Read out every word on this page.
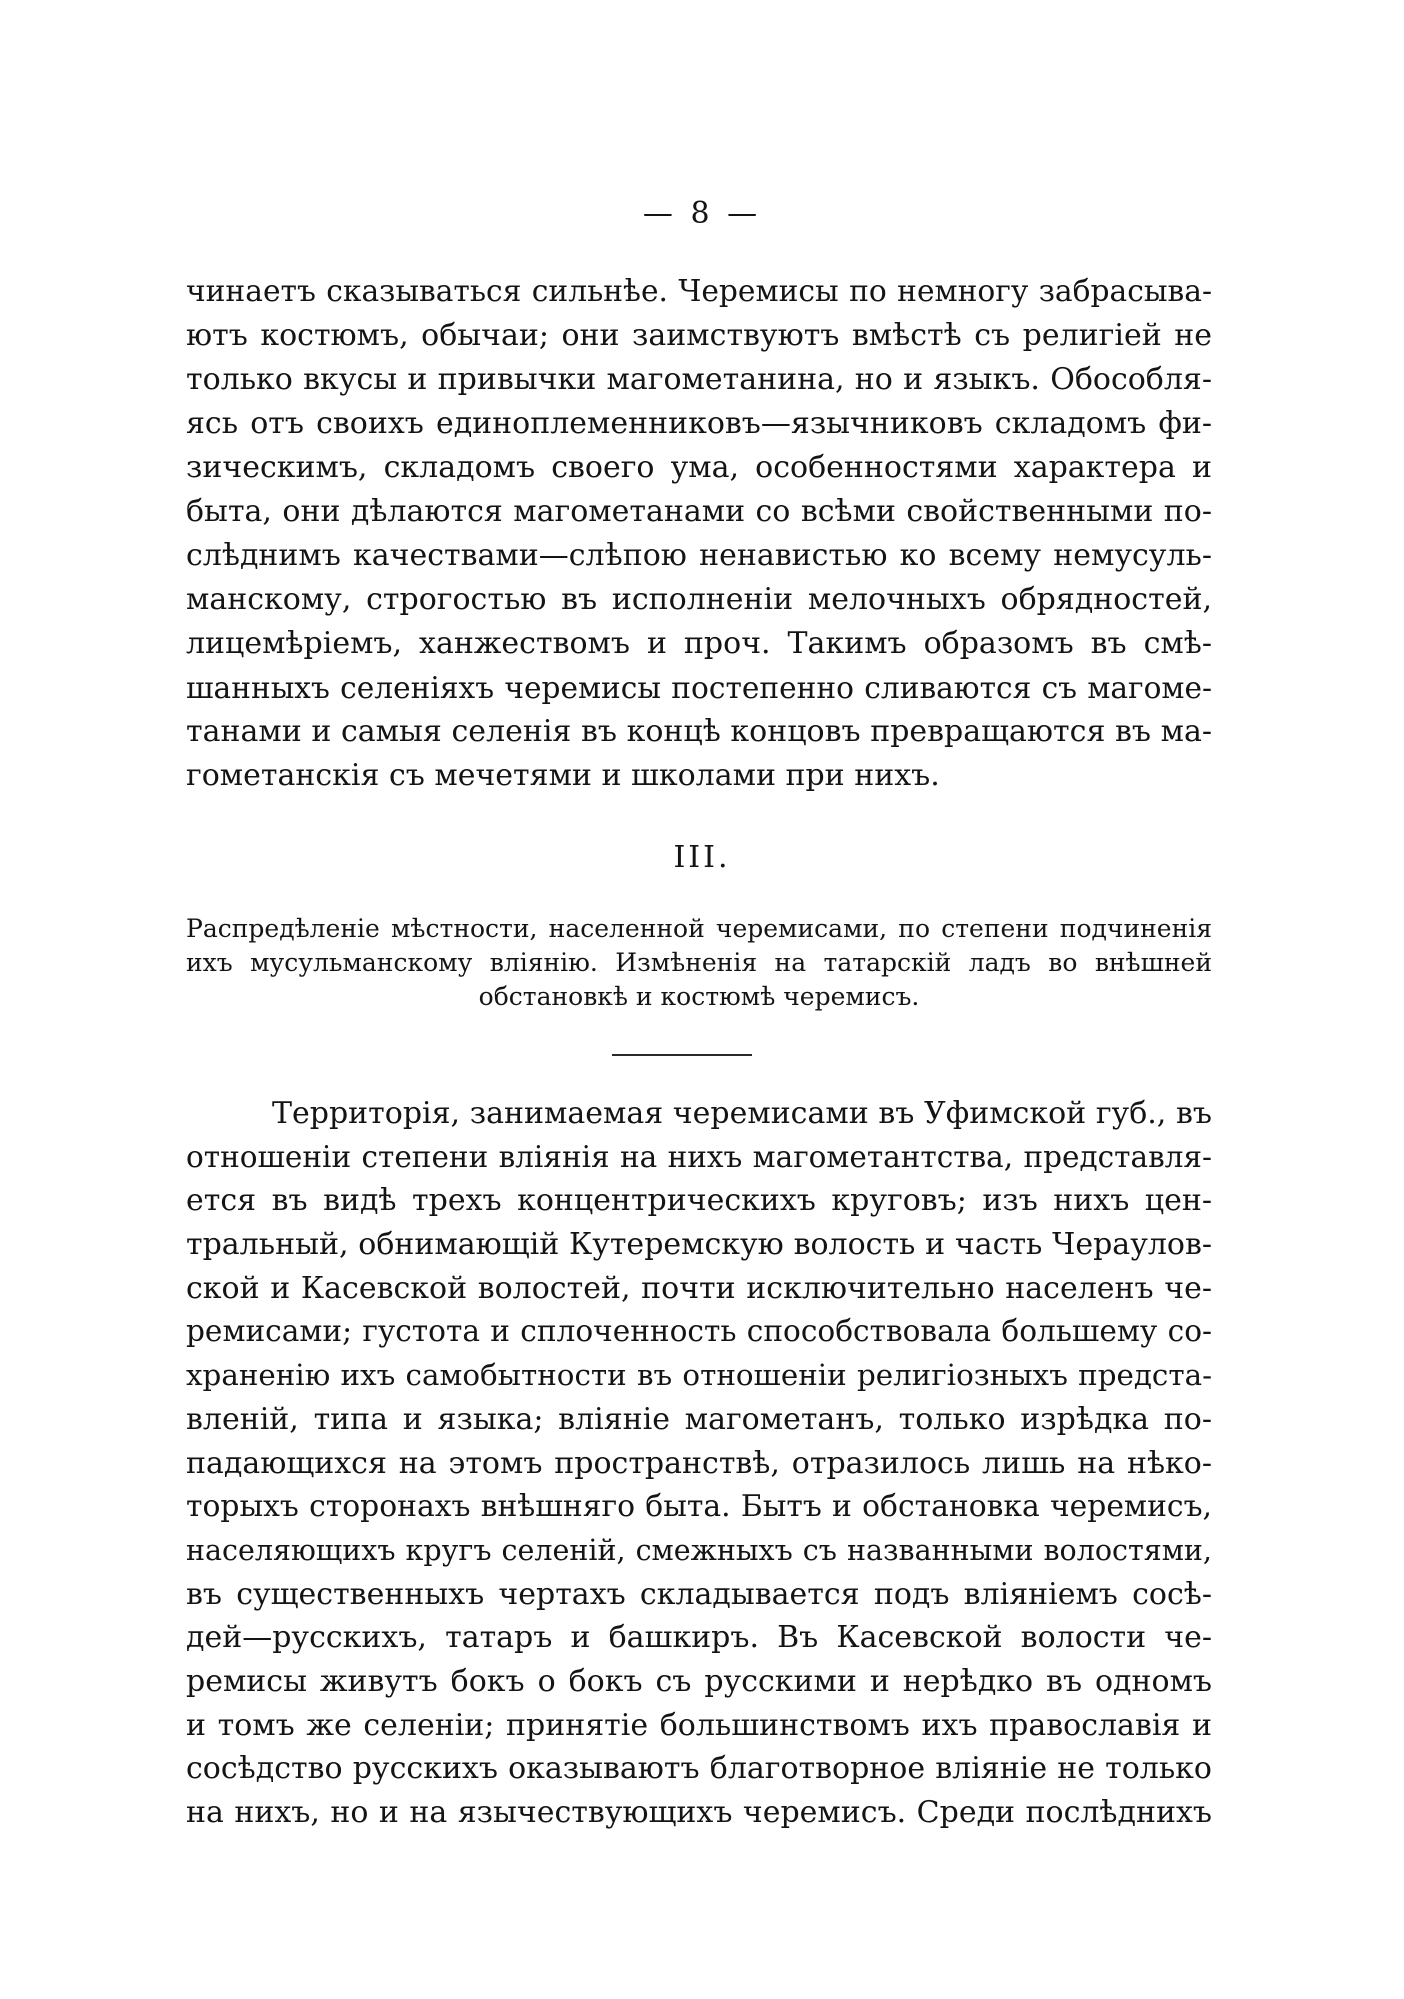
— 8 —
чинаетъ сказываться сильнѣе. Черемисы по немногу забрасыва-
ютъ костюмъ, обычаи; они заимствуютъ вмѣстѣ съ религіей не
только вкусы и привычки магометанина, но и языкъ. Обособля-
ясь отъ своихъ единоплеменниковъ—язычниковъ складомъ фи-
зическимъ, складомъ своего ума, особенностями характера и
быта, они дѣлаются магометанами со всѣми свойственными по-
слѣднимъ качествами—слѣпою ненавистью ко всему немусуль-
манскому, строгостью въ исполненіи мелочныхъ обрядностей,
лицемѣріемъ, ханжествомъ и проч. Такимъ образомъ въ смѣ-
шанныхъ селеніяхъ черемисы постепенно сливаются съ магоме-
танами и самыя селенія въ концѣ концовъ превращаются въ ма-
гометанскія съ мечетями и школами при нихъ.
III.
Распредѣленіе мѣстности, населенной черемисами, по степени подчиненія
ихъ мусульманскому вліянію. Измѣненія на татарскій ладъ во внѣшней
обстановкѣ и костюмѣ черемисъ.
Территорія, занимаемая черемисами въ Уфимской губ., въ
отношеніи степени вліянія на нихъ магометантства, представля-
ется въ видѣ трехъ концентрическихъ круговъ; изъ нихъ цен-
тральный, обнимающій Кутеремскую волость и часть Чераулов-
ской и Касевской волостей, почти исключительно населенъ че-
ремисами; густота и сплоченность способствовала большему со-
храненію ихъ самобытности въ отношеніи религіозныхъ предста-
вленій, типа и языка; вліяніе магометанъ, только изрѣдка по-
падающихся на этомъ пространствѣ, отразилось лишь на нѣко-
торыхъ сторонахъ внѣшняго быта. Бытъ и обстановка черемисъ,
населяющихъ кругъ селеній, смежныхъ съ названными волостями,
въ существенныхъ чертахъ складывается подъ вліяніемъ сосѣ-
дей—русскихъ, татаръ и башкиръ. Въ Касевской волости че-
ремисы живутъ бокъ о бокъ съ русскими и нерѣдко въ одномъ
и томъ же селеніи; принятіе большинствомъ ихъ православія и
сосѣдство русскихъ оказываютъ благотворное вліяніе не только
на нихъ, но и на язычествующихъ черемисъ. Среди послѣднихъ
